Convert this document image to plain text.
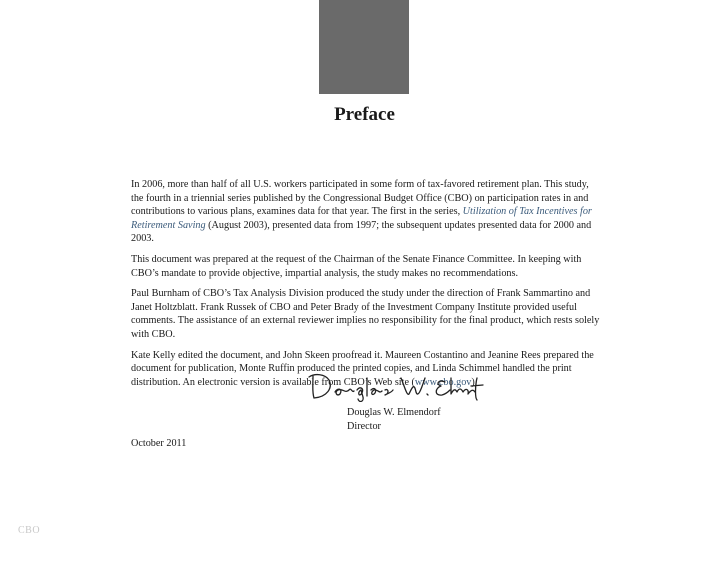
Preface

In 2006, more than half of all U.S. workers participated in some form of tax-favored retirement plan. This study, the fourth in a triennial series published by the Congressional Budget Office (CBO) on participation rates in and contributions to various plans, examines data for that year. The first in the series, Utilization of Tax Incentives for Retirement Saving (August 2003), presented data from 1997; the subsequent updates presented data for 2000 and 2003.

This document was prepared at the request of the Chairman of the Senate Finance Committee. In keeping with CBO’s mandate to provide objective, impartial analysis, the study makes no recommendations.

Paul Burnham of CBO’s Tax Analysis Division produced the study under the direction of Frank Sammartino and Janet Holtzblatt. Frank Russek of CBO and Peter Brady of the Investment Company Institute provided useful comments. The assistance of an external reviewer implies no responsibility for the final product, which rests solely with CBO.

Kate Kelly edited the document, and John Skeen proofread it. Maureen Costantino and Jeanine Rees prepared the document for publication, Monte Ruffin produced the printed copies, and Linda Schimmel handled the print distribution. An electronic version is available from CBO’s Web site (www.cbo.gov).

Douglas W. Elmendorf
Director
October 2011
CBO
